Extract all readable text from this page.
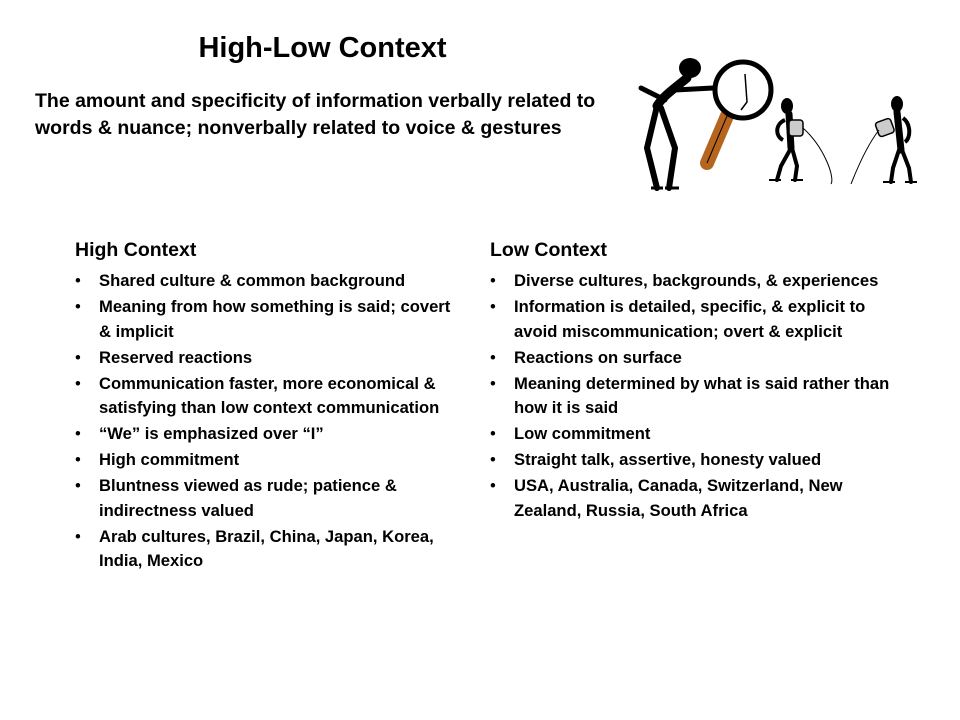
High-Low Context
The amount and specificity of information verbally related to words & nuance; nonverbally related to voice & gestures
High Context
• Shared culture & common background
• Meaning from how something is said; covert & implicit
• Reserved reactions
• Communication faster, more economical & satisfying than low context communication
• “We” is emphasized over “I”
• High commitment
• Bluntness viewed as rude; patience & indirectness valued
• Arab cultures, Brazil, China, Japan, Korea, India, Mexico
Low Context
• Diverse cultures, backgrounds, & experiences
• Information is detailed, specific, & explicit to avoid miscommunication; overt & explicit
• Reactions on surface
• Meaning determined by what is said rather than how it is said
• Low commitment
• Straight talk, assertive, honesty valued
• USA, Australia, Canada, Switzerland, New Zealand, Russia, South Africa
